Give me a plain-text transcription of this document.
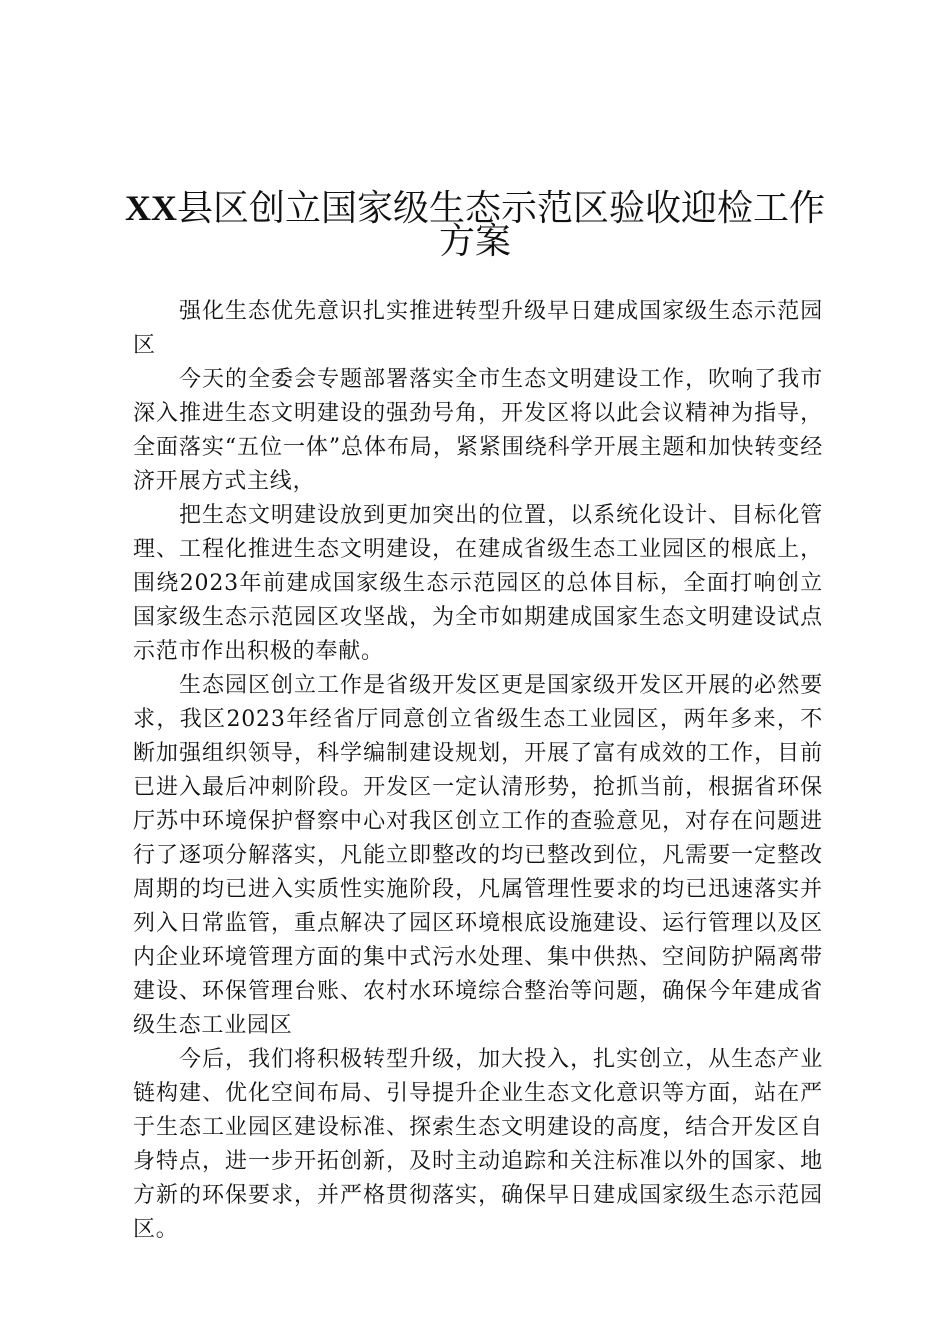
XX县区创立国家级生态示范区验收迎检工作
方案

强化生态优先意识扎实推进转型升级早日建成国家级生态示范园区

今天的全委会专题部署落实全市生态文明建设工作，吹响了我市深入推进生态文明建设的强劲号角，开发区将以此会议精神为指导，全面落实“五位一体”总体布局，紧紧围绕科学开展主题和加快转变经济开展方式主线，

把生态文明建设放到更加突出的位置，以系统化设计、目标化管理、工程化推进生态文明建设，在建成省级生态工业园区的根底上，围绕2023年前建成国家级生态示范园区的总体目标，全面打响创立国家级生态示范园区攻坚战，为全市如期建成国家生态文明建设试点示范市作出积极的奉献。

生态园区创立工作是省级开发区更是国家级开发区开展的必然要求，我区2023年经省厅同意创立省级生态工业园区，两年多来，不断加强组织领导，科学编制建设规划，开展了富有成效的工作，目前已进入最后冲刺阶段。开发区一定认清形势，抢抓当前，根据省环保厅苏中环境保护督察中心对我区创立工作的查验意见，对存在问题进行了逐项分解落实，凡能立即整改的均已整改到位，凡需要一定整改周期的均已进入实质性实施阶段，凡属管理性要求的均已迅速落实并列入日常监管，重点解决了园区环境根底设施建设、运行管理以及区内企业环境管理方面的集中式污水处理、集中供热、空间防护隔离带建设、环保管理台账、农村水环境综合整治等问题，确保今年建成省级生态工业园区

今后，我们将积极转型升级，加大投入，扎实创立，从生态产业链构建、优化空间布局、引导提升企业生态文化意识等方面，站在严于生态工业园区建设标准、探索生态文明建设的高度，结合开发区自身特点，进一步开拓创新，及时主动追踪和关注标准以外的国家、地方新的环保要求，并严格贯彻落实，确保早日建成国家级生态示范园区。
